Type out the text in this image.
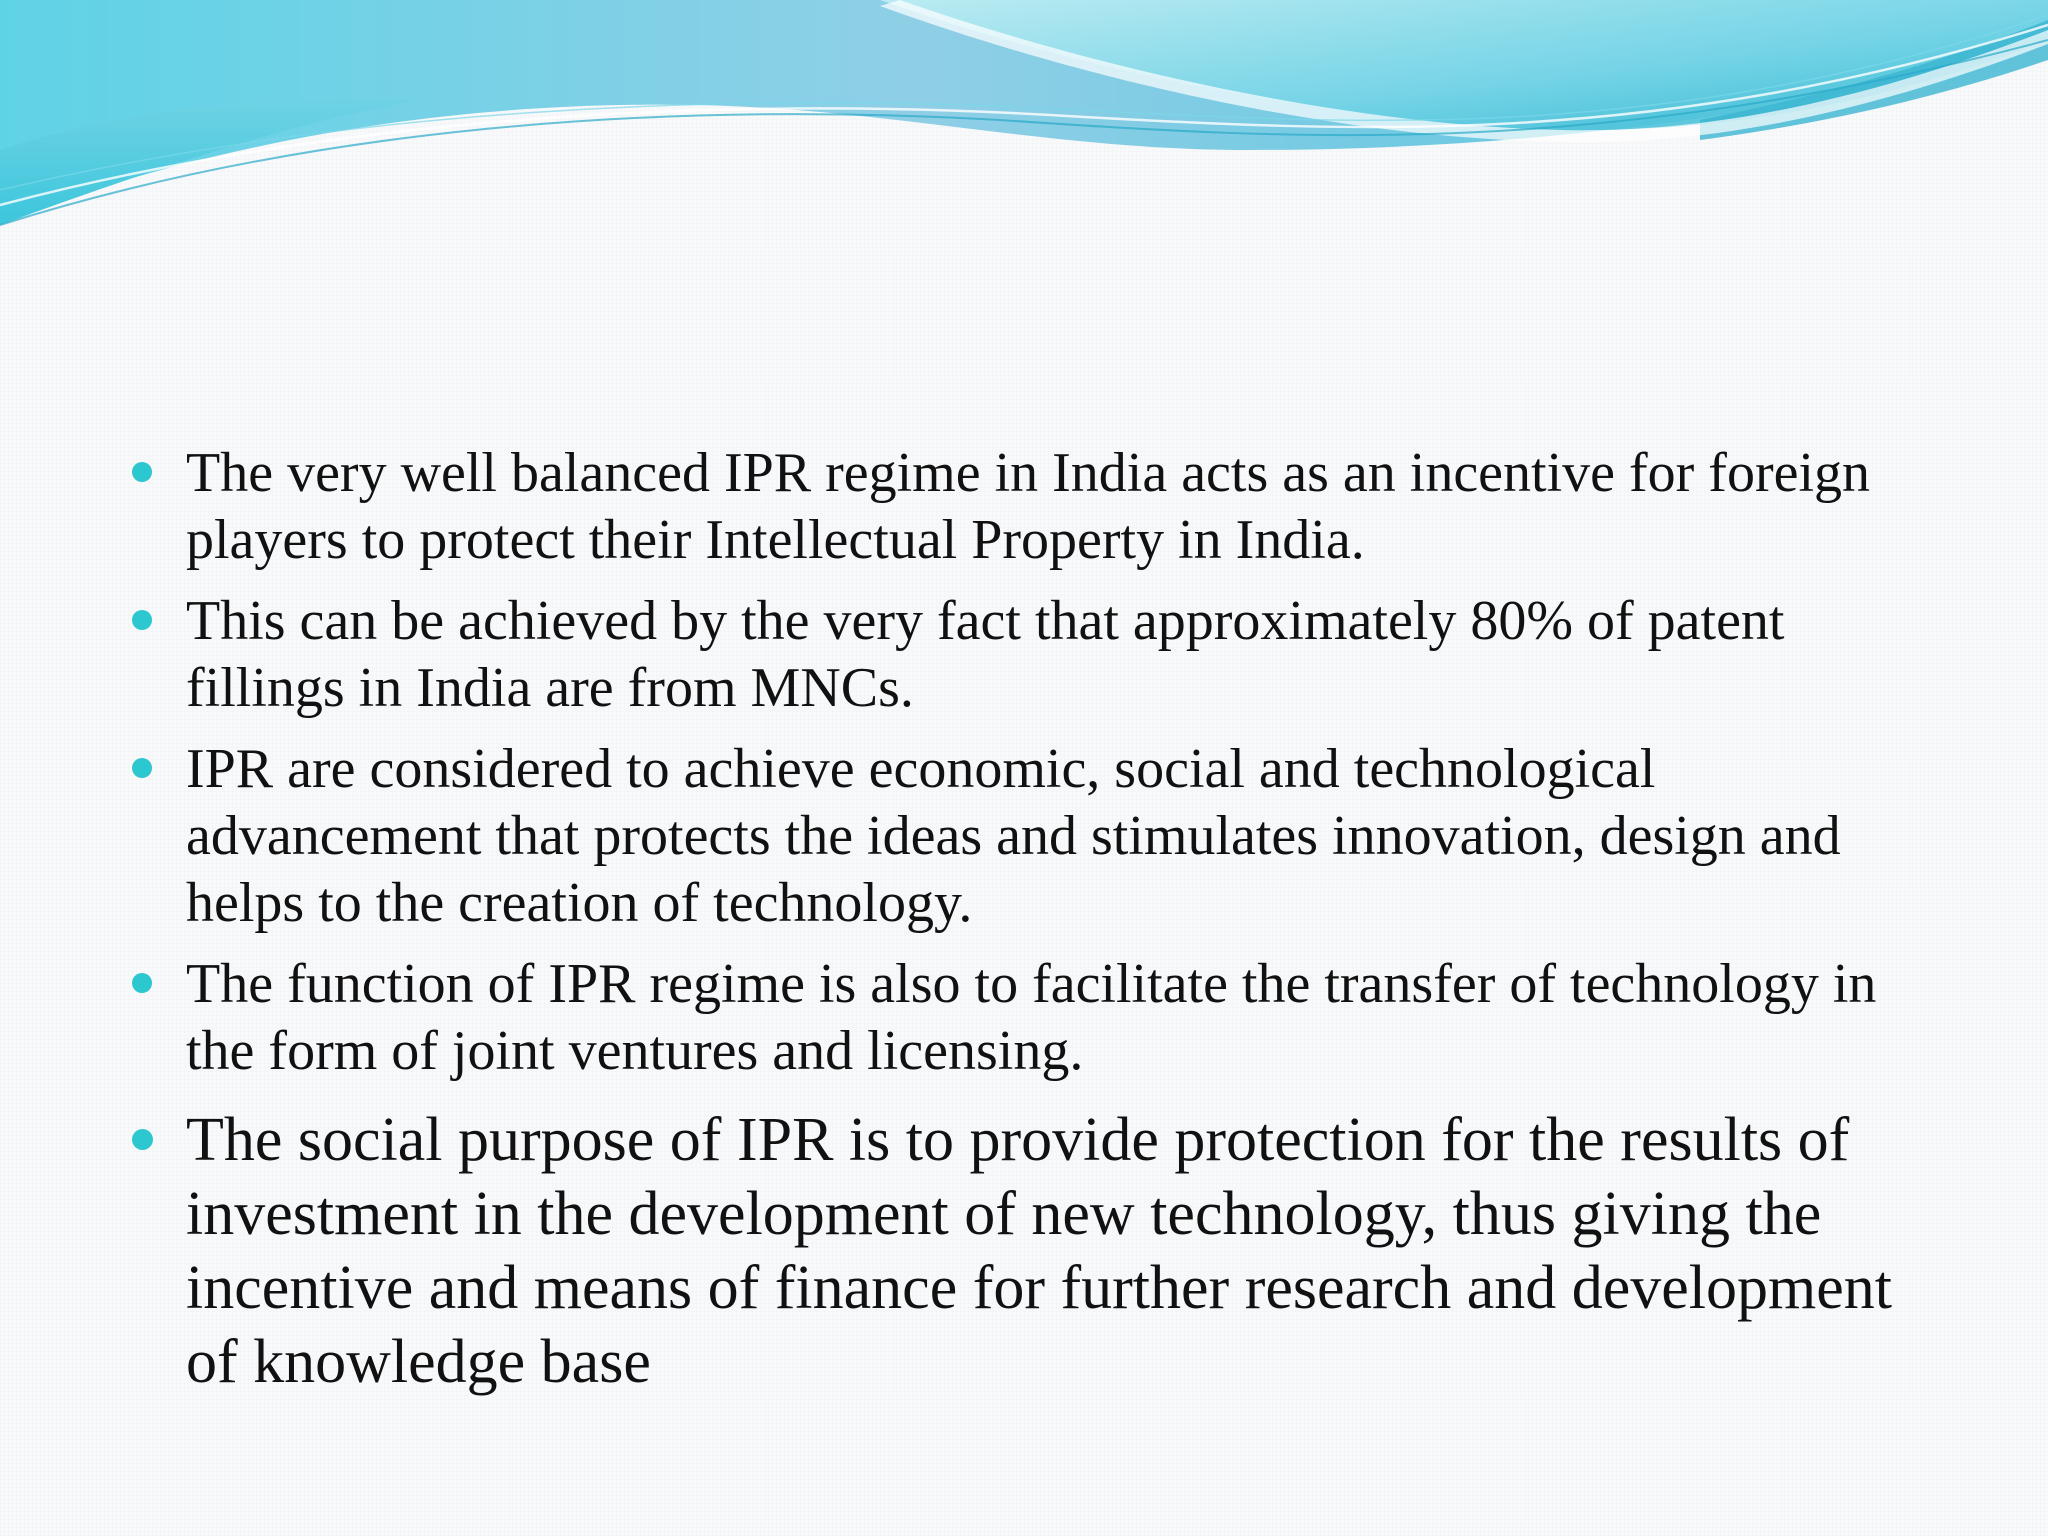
The very well balanced IPR regime in India acts as an incentive for foreign players to protect their Intellectual Property in India.
This can be achieved by the very fact that approximately 80% of patent fillings in India are from MNCs.
IPR are considered to achieve economic, social and technological advancement that protects the ideas and stimulates innovation, design and helps to the creation of technology.
The function of IPR regime is also to facilitate the transfer of technology in the form of joint ventures and licensing.
The social purpose of IPR is to provide protection for the results of investment in the development of new technology, thus giving the incentive and means of finance for further research and development of knowledge base
